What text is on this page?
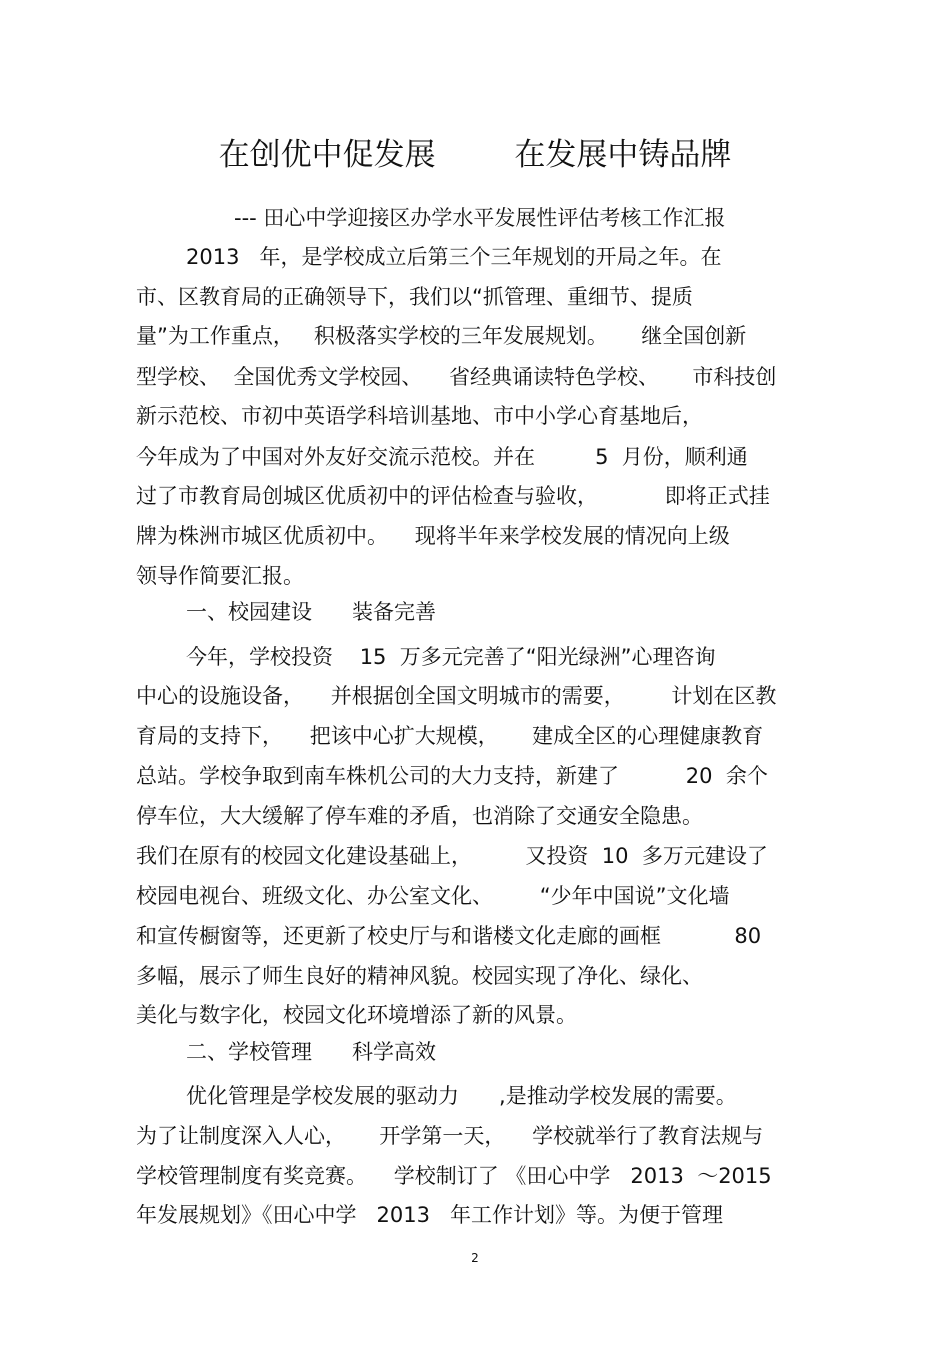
在创优中促发展        在发展中铸品牌
--- 田心中学迎接区办学水平发展性评估考核工作汇报
2013   年，是学校成立后第三个三年规划的开局之年。在
市、区教育局的正确领导下，我们以“抓管理、重细节、提质
量”为工作重点，   积极落实学校的三年发展规划。     继全国创新
型学校、  全国优秀文学校园、    省经典诵读特色学校、     市科技创
新示范校、市初中英语学科培训基地、市中小学心育基地后，
今年成为了中国对外友好交流示范校。并在         5  月份，顺利通
过了市教育局创城区优质初中的评估检查与验收，          即将正式挂
牌为株洲市城区优质初中。    现将半年来学校发展的情况向上级
领导作简要汇报。
一、校园建设      装备完善
今年，学校投资    15  万多元完善了“阳光绿洲”心理咨询
中心的设施设备，    并根据创全国文明城市的需要，       计划在区教
育局的支持下，    把该中心扩大规模，     建成全区的心理健康教育
总站。学校争取到南车株机公司的大力支持，新建了          20  余个
停车位，大大缓解了停车难的矛盾，也消除了交通安全隐患。
我们在原有的校园文化建设基础上，        又投资  10  多万元建设了
校园电视台、班级文化、办公室文化、       “少年中国说”文化墙
和宣传橱窗等，还更新了校史厅与和谐楼文化走廊的画框           80
多幅，展示了师生良好的精神风貌。校园实现了净化、绿化、
美化与数字化，校园文化环境增添了新的风景。
二、学校管理      科学高效
优化管理是学校发展的驱动力      ,是推动学校发展的需要。
为了让制度深入人心，     开学第一天，    学校就举行了教育法规与
学校管理制度有奖竞赛。    学校制订了 《田心中学   2013  ～2015
年发展规划》《田心中学   2013   年工作计划》等。为便于管理
2
